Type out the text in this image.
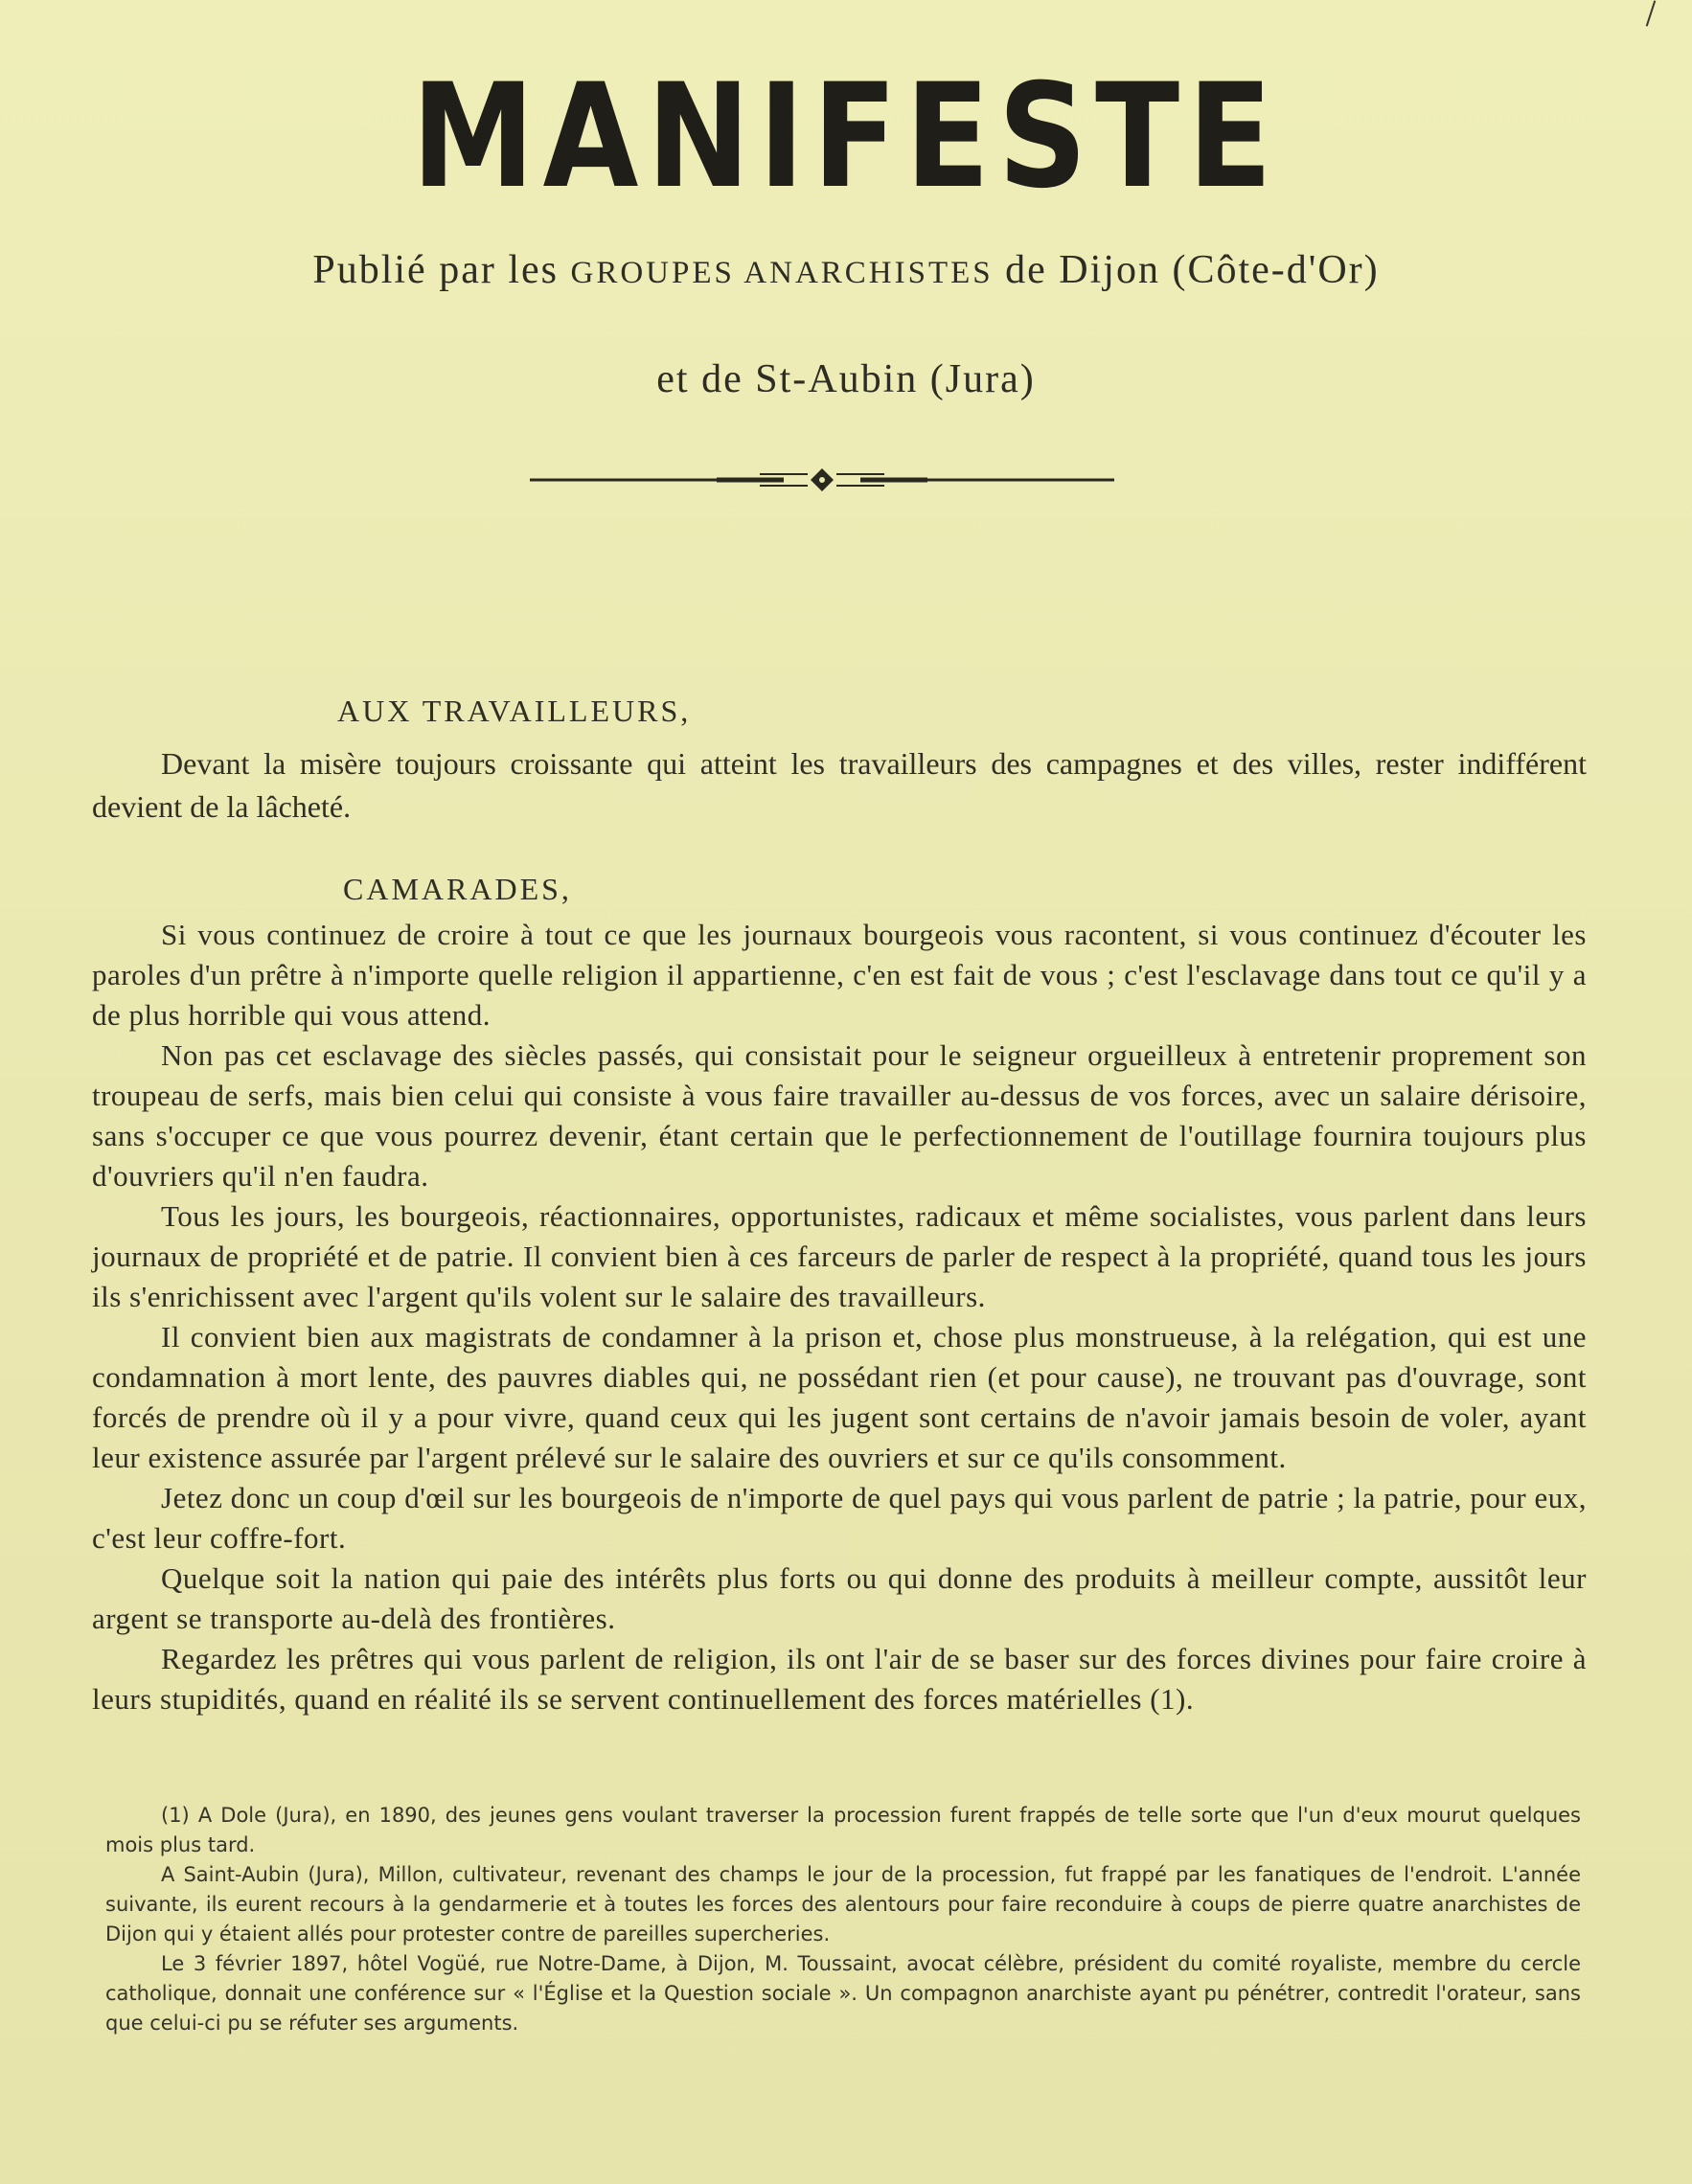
MANIFESTE
Publié par les GROUPES ANARCHISTES de Dijon (Côte-d'Or)
et de St-Aubin (Jura)
AUX TRAVAILLEURS,

Devant la misère toujours croissante qui atteint les travailleurs des campagnes et des villes, rester indifférent devient de la lâcheté.

CAMARADES,

Si vous continuez de croire à tout ce que les journaux bourgeois vous racontent, si vous continuez d'écouter les paroles d'un prêtre à n'importe quelle religion il appartienne, c'en est fait de vous ; c'est l'esclavage dans tout ce qu'il y a de plus horrible qui vous attend.

Non pas cet esclavage des siècles passés, qui consistait pour le seigneur orgueilleux à entretenir proprement son troupeau de serfs, mais bien celui qui consiste à vous faire travailler au-dessus de vos forces, avec un salaire dérisoire, sans s'occuper ce que vous pourrez devenir, étant certain que le perfectionnement de l'outillage fournira toujours plus d'ouvriers qu'il n'en faudra.

Tous les jours, les bourgeois, réactionnaires, opportunistes, radicaux et même socialistes, vous parlent dans leurs journaux de propriété et de patrie. Il convient bien à ces farceurs de parler de respect à la propriété, quand tous les jours ils s'enrichissent avec l'argent qu'ils volent sur le salaire des travailleurs.

Il convient bien aux magistrats de condamner à la prison et, chose plus monstrueuse, à la relégation, qui est une condamnation à mort lente, des pauvres diables qui, ne possédant rien (et pour cause), ne trouvant pas d'ouvrage, sont forcés de prendre où il y a pour vivre, quand ceux qui les jugent sont certains de n'avoir jamais besoin de voler, ayant leur existence assurée par l'argent prélevé sur le salaire des ouvriers et sur ce qu'ils consomment.

Jetez donc un coup d'œil sur les bourgeois de n'importe de quel pays qui vous parlent de patrie ; la patrie, pour eux, c'est leur coffre-fort.

Quelque soit la nation qui paie des intérêts plus forts ou qui donne des produits à meilleur compte, aussitôt leur argent se transporte au-delà des frontières.

Regardez les prêtres qui vous parlent de religion, ils ont l'air de se baser sur des forces divines pour faire croire à leurs stupidités, quand en réalité ils se servent continuellement des forces matérielles (1).

(1) A Dole (Jura), en 1890, des jeunes gens voulant traverser la procession furent frappés de telle sorte que l'un d'eux mourut quelques mois plus tard.

A Saint-Aubin (Jura), Millon, cultivateur, revenant des champs le jour de la procession, fut frappé par les fanatiques de l'endroit. L'année suivante, ils eurent recours à la gendarmerie et à toutes les forces des alentours pour faire reconduire à coups de pierre quatre anarchistes de Dijon qui y étaient allés pour protester contre de pareilles supercheries.

Le 3 février 1897, hôtel Vogüé, rue Notre-Dame, à Dijon, M. Toussaint, avocat célèbre, président du comité royaliste, membre du cercle catholique, donnait une conférence sur « l'Église et la Question sociale ». Un compagnon anarchiste ayant pu pénétrer, contredit l'orateur, sans que celui-ci pu se réfuter ses arguments.
